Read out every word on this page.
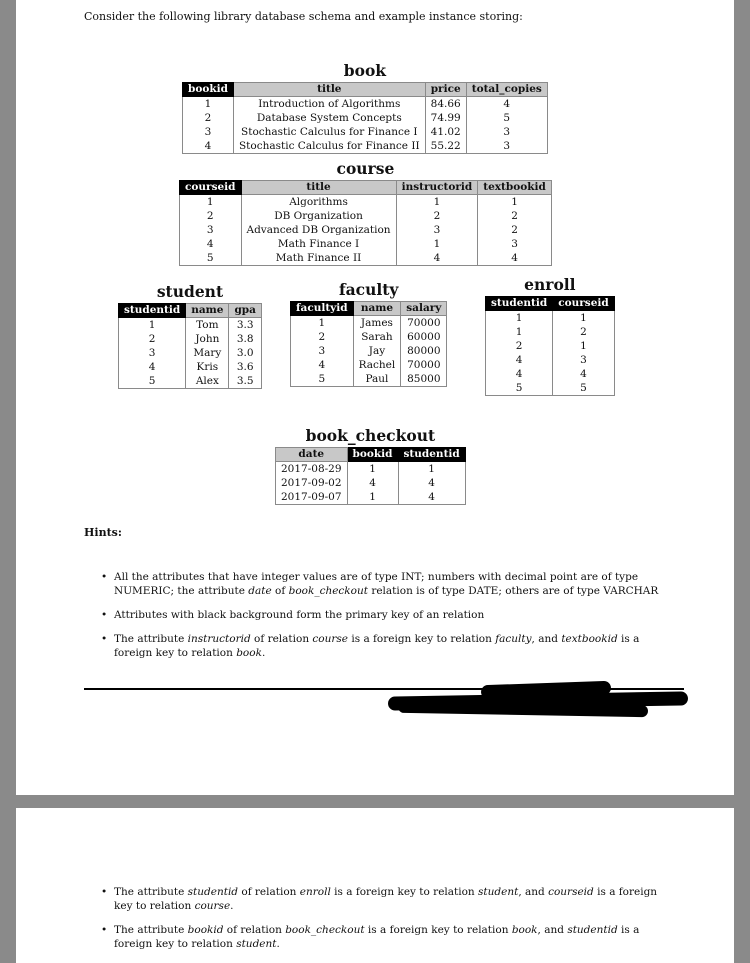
Consider the following library database schema and example instance storing:
book
bookid	title	price	total_copies
1	Introduction of Algorithms	84.66	4
2	Database System Concepts	74.99	5
3	Stochastic Calculus for Finance I	41.02	3
4	Stochastic Calculus for Finance II	55.22	3
course
courseid	title	instructorid	textbookid
1	Algorithms	1	1
2	DB Organization	2	2
3	Advanced DB Organization	3	2
4	Math Finance I	1	3
5	Math Finance II	4	4
student
studentid	name	gpa
1	Tom	3.3
2	John	3.8
3	Mary	3.0
4	Kris	3.6
5	Alex	3.5
faculty
facultyid	name	salary
1	James	70000
2	Sarah	60000
3	Jay	80000
4	Rachel	70000
5	Paul	85000
enroll
studentid	courseid
1	1
1	2
2	1
4	3
4	4
5	5
book_checkout
date	bookid	studentid
2017-08-29	1	1
2017-09-02	4	4
2017-09-07	1	4
Hints:
• All the attributes that have integer values are of type INT; numbers with decimal point are of type NUMERIC; the attribute date of book_checkout relation is of type DATE; others are of type VARCHAR
• Attributes with black background form the primary key of an relation
• The attribute instructorid of relation course is a foreign key to relation faculty, and textbookid is a foreign key to relation book.
• The attribute studentid of relation enroll is a foreign key to relation student, and courseid is a foreign key to relation course.
• The attribute bookid of relation book_checkout is a foreign key to relation book, and studentid is a foreign key to relation student.
